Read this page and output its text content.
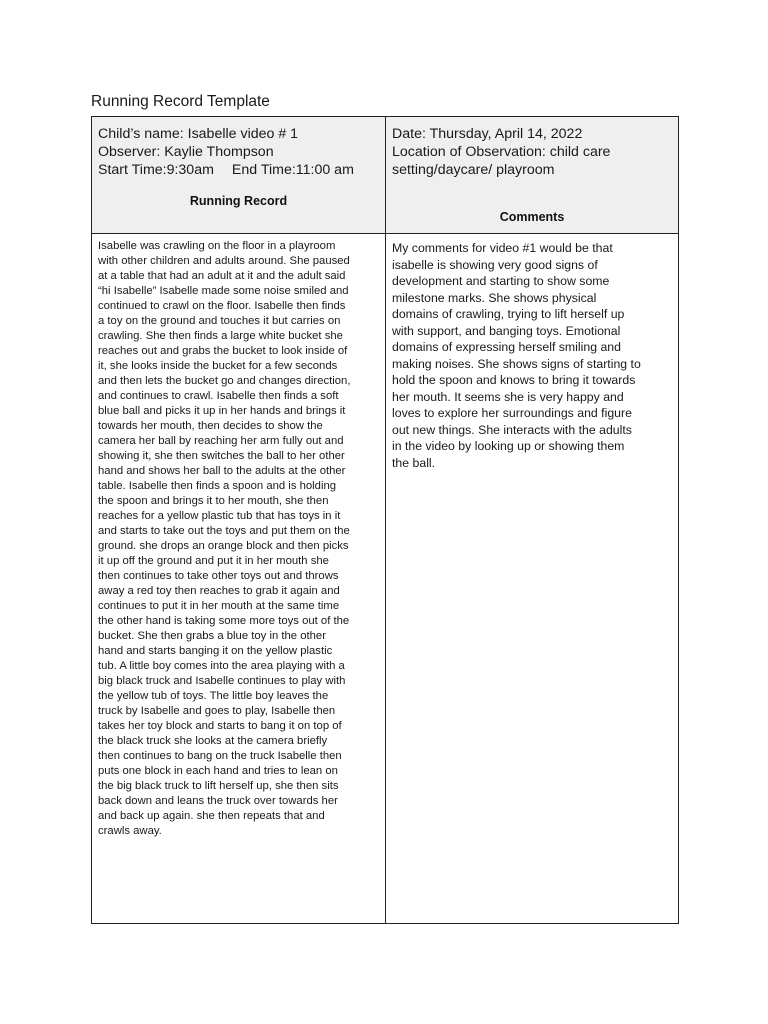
Running Record Template
Child’s name: Isabelle video # 1
Observer: Kaylie Thompson
Start Time:9:30am End Time:11:00 am
Running Record
Date: Thursday, April 14, 2022
Location of Observation: child care
setting/daycare/ playroom
Comments
Isabelle was crawling on the floor in a playroom
with other children and adults around. She paused
at a table that had an adult at it and the adult said
“hi Isabelle” Isabelle made some noise smiled and
continued to crawl on the floor. Isabelle then finds
a toy on the ground and touches it but carries on
crawling. She then finds a large white bucket she
reaches out and grabs the bucket to look inside of
it, she looks inside the bucket for a few seconds
and then lets the bucket go and changes direction,
and continues to crawl. Isabelle then finds a soft
blue ball and picks it up in her hands and brings it
towards her mouth, then decides to show the
camera her ball by reaching her arm fully out and
showing it, she then switches the ball to her other
hand and shows her ball to the adults at the other
table. Isabelle then finds a spoon and is holding
the spoon and brings it to her mouth, she then
reaches for a yellow plastic tub that has toys in it
and starts to take out the toys and put them on the
ground. she drops an orange block and then picks
it up off the ground and put it in her mouth she
then continues to take other toys out and throws
away a red toy then reaches to grab it again and
continues to put it in her mouth at the same time
the other hand is taking some more toys out of the
bucket. She then grabs a blue toy in the other
hand and starts banging it on the yellow plastic
tub. A little boy comes into the area playing with a
big black truck and Isabelle continues to play with
the yellow tub of toys. The little boy leaves the
truck by Isabelle and goes to play, Isabelle then
takes her toy block and starts to bang it on top of
the black truck she looks at the camera briefly
then continues to bang on the truck Isabelle then
puts one block in each hand and tries to lean on
the big black truck to lift herself up, she then sits
back down and leans the truck over towards her
and back up again. she then repeats that and
crawls away.
My comments for video #1 would be that
isabelle is showing very good signs of
development and starting to show some
milestone marks. She shows physical
domains of crawling, trying to lift herself up
with support, and banging toys. Emotional
domains of expressing herself smiling and
making noises. She shows signs of starting to
hold the spoon and knows to bring it towards
her mouth. It seems she is very happy and
loves to explore her surroundings and figure
out new things. She interacts with the adults
in the video by looking up or showing them
the ball.
